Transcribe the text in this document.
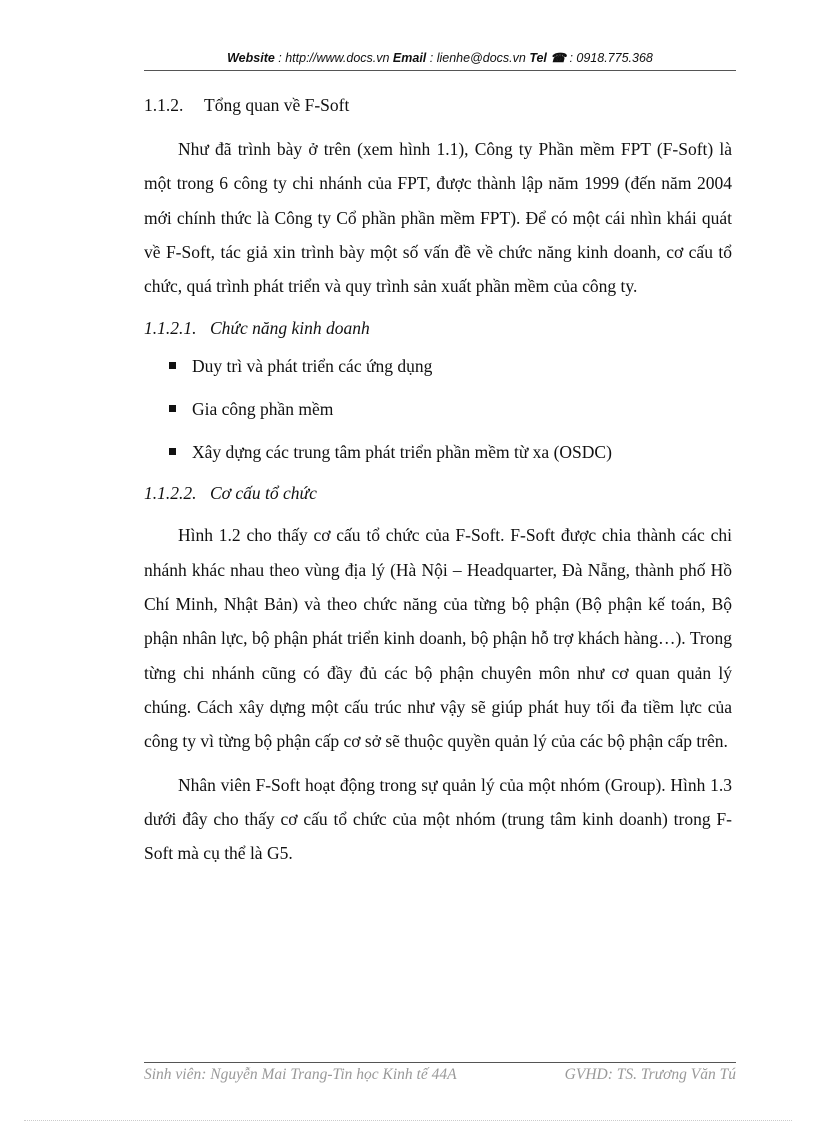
Website : http://www.docs.vn Email : lienhe@docs.vn Tel ☎ : 0918.775.368

1.1.2. Tổng quan về F-Soft

Như đã trình bày ở trên (xem hình 1.1), Công ty Phần mềm FPT (F-Soft) là một trong 6 công ty chi nhánh của FPT, được thành lập năm 1999 (đến năm 2004 mới chính thức là Công ty Cổ phần phần mềm FPT). Để có một cái nhìn khái quát về F-Soft, tác giả xin trình bày một số vấn đề về chức năng kinh doanh, cơ cấu tổ chức, quá trình phát triển và quy trình sản xuất phần mềm của công ty.

1.1.2.1. Chức năng kinh doanh

Duy trì và phát triển các ứng dụng
Gia công phần mềm
Xây dựng các trung tâm phát triển phần mềm từ xa (OSDC)

1.1.2.2. Cơ cấu tổ chức

Hình 1.2 cho thấy cơ cấu tổ chức của F-Soft. F-Soft được chia thành các chi nhánh khác nhau theo vùng địa lý (Hà Nội – Headquarter, Đà Nẵng, thành phố Hồ Chí Minh, Nhật Bản) và theo chức năng của từng bộ phận (Bộ phận kế toán, Bộ phận nhân lực, bộ phận phát triển kinh doanh, bộ phận hỗ trợ khách hàng…). Trong từng chi nhánh cũng có đầy đủ các bộ phận chuyên môn như cơ quan quản lý chúng. Cách xây dựng một cấu trúc như vậy sẽ giúp phát huy tối đa tiềm lực của công ty vì từng bộ phận cấp cơ sở sẽ thuộc quyền quản lý của các bộ phận cấp trên.

Nhân viên F-Soft hoạt động trong sự quản lý của một nhóm (Group). Hình 1.3 dưới đây cho thấy cơ cấu tổ chức của một nhóm (trung tâm kinh doanh) trong F-Soft mà cụ thể là G5.

Sinh viên: Nguyễn Mai Trang-Tin học Kinh tế 44A	GVHD: TS. Trương Văn Tú
